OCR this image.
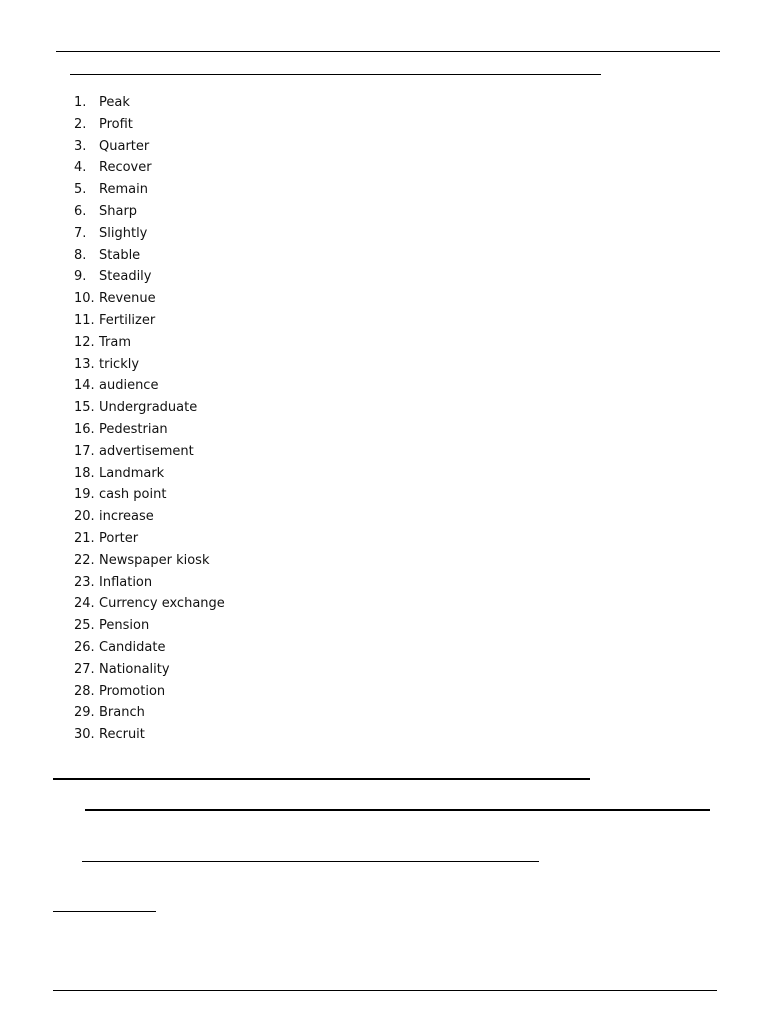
1. Peak
2. Profit
3. Quarter
4. Recover
5. Remain
6. Sharp
7. Slightly
8. Stable
9. Steadily
10. Revenue
11. Fertilizer
12. Tram
13. trickly
14. audience
15. Undergraduate
16. Pedestrian
17. advertisement
18. Landmark
19. cash point
20. increase
21. Porter
22. Newspaper kiosk
23. Inflation
24. Currency exchange
25. Pension
26. Candidate
27. Nationality
28. Promotion
29. Branch
30. Recruit
